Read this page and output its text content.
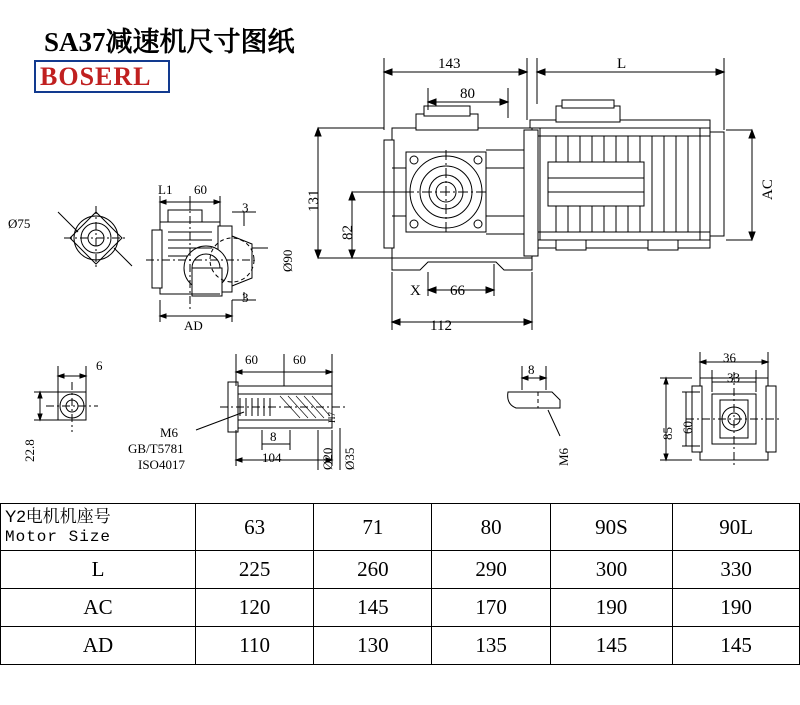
SA37减速机尺寸图纸
BOSERL	143
80
L
131
82
AC
66
X
112
L1 60
3
3
Ø90
AD
Ø75
6
22.8
60	60
M6
GB/T5781
ISO4017	104
8
Ø20
H7
Ø35
8
M6
36
33
85 60
Y2电机机座号
Motor Size	63	71	80	90S	90L
L	225	260	290	300	330
AC	120	145	170	190	190
AD	110	130	135	145	145
